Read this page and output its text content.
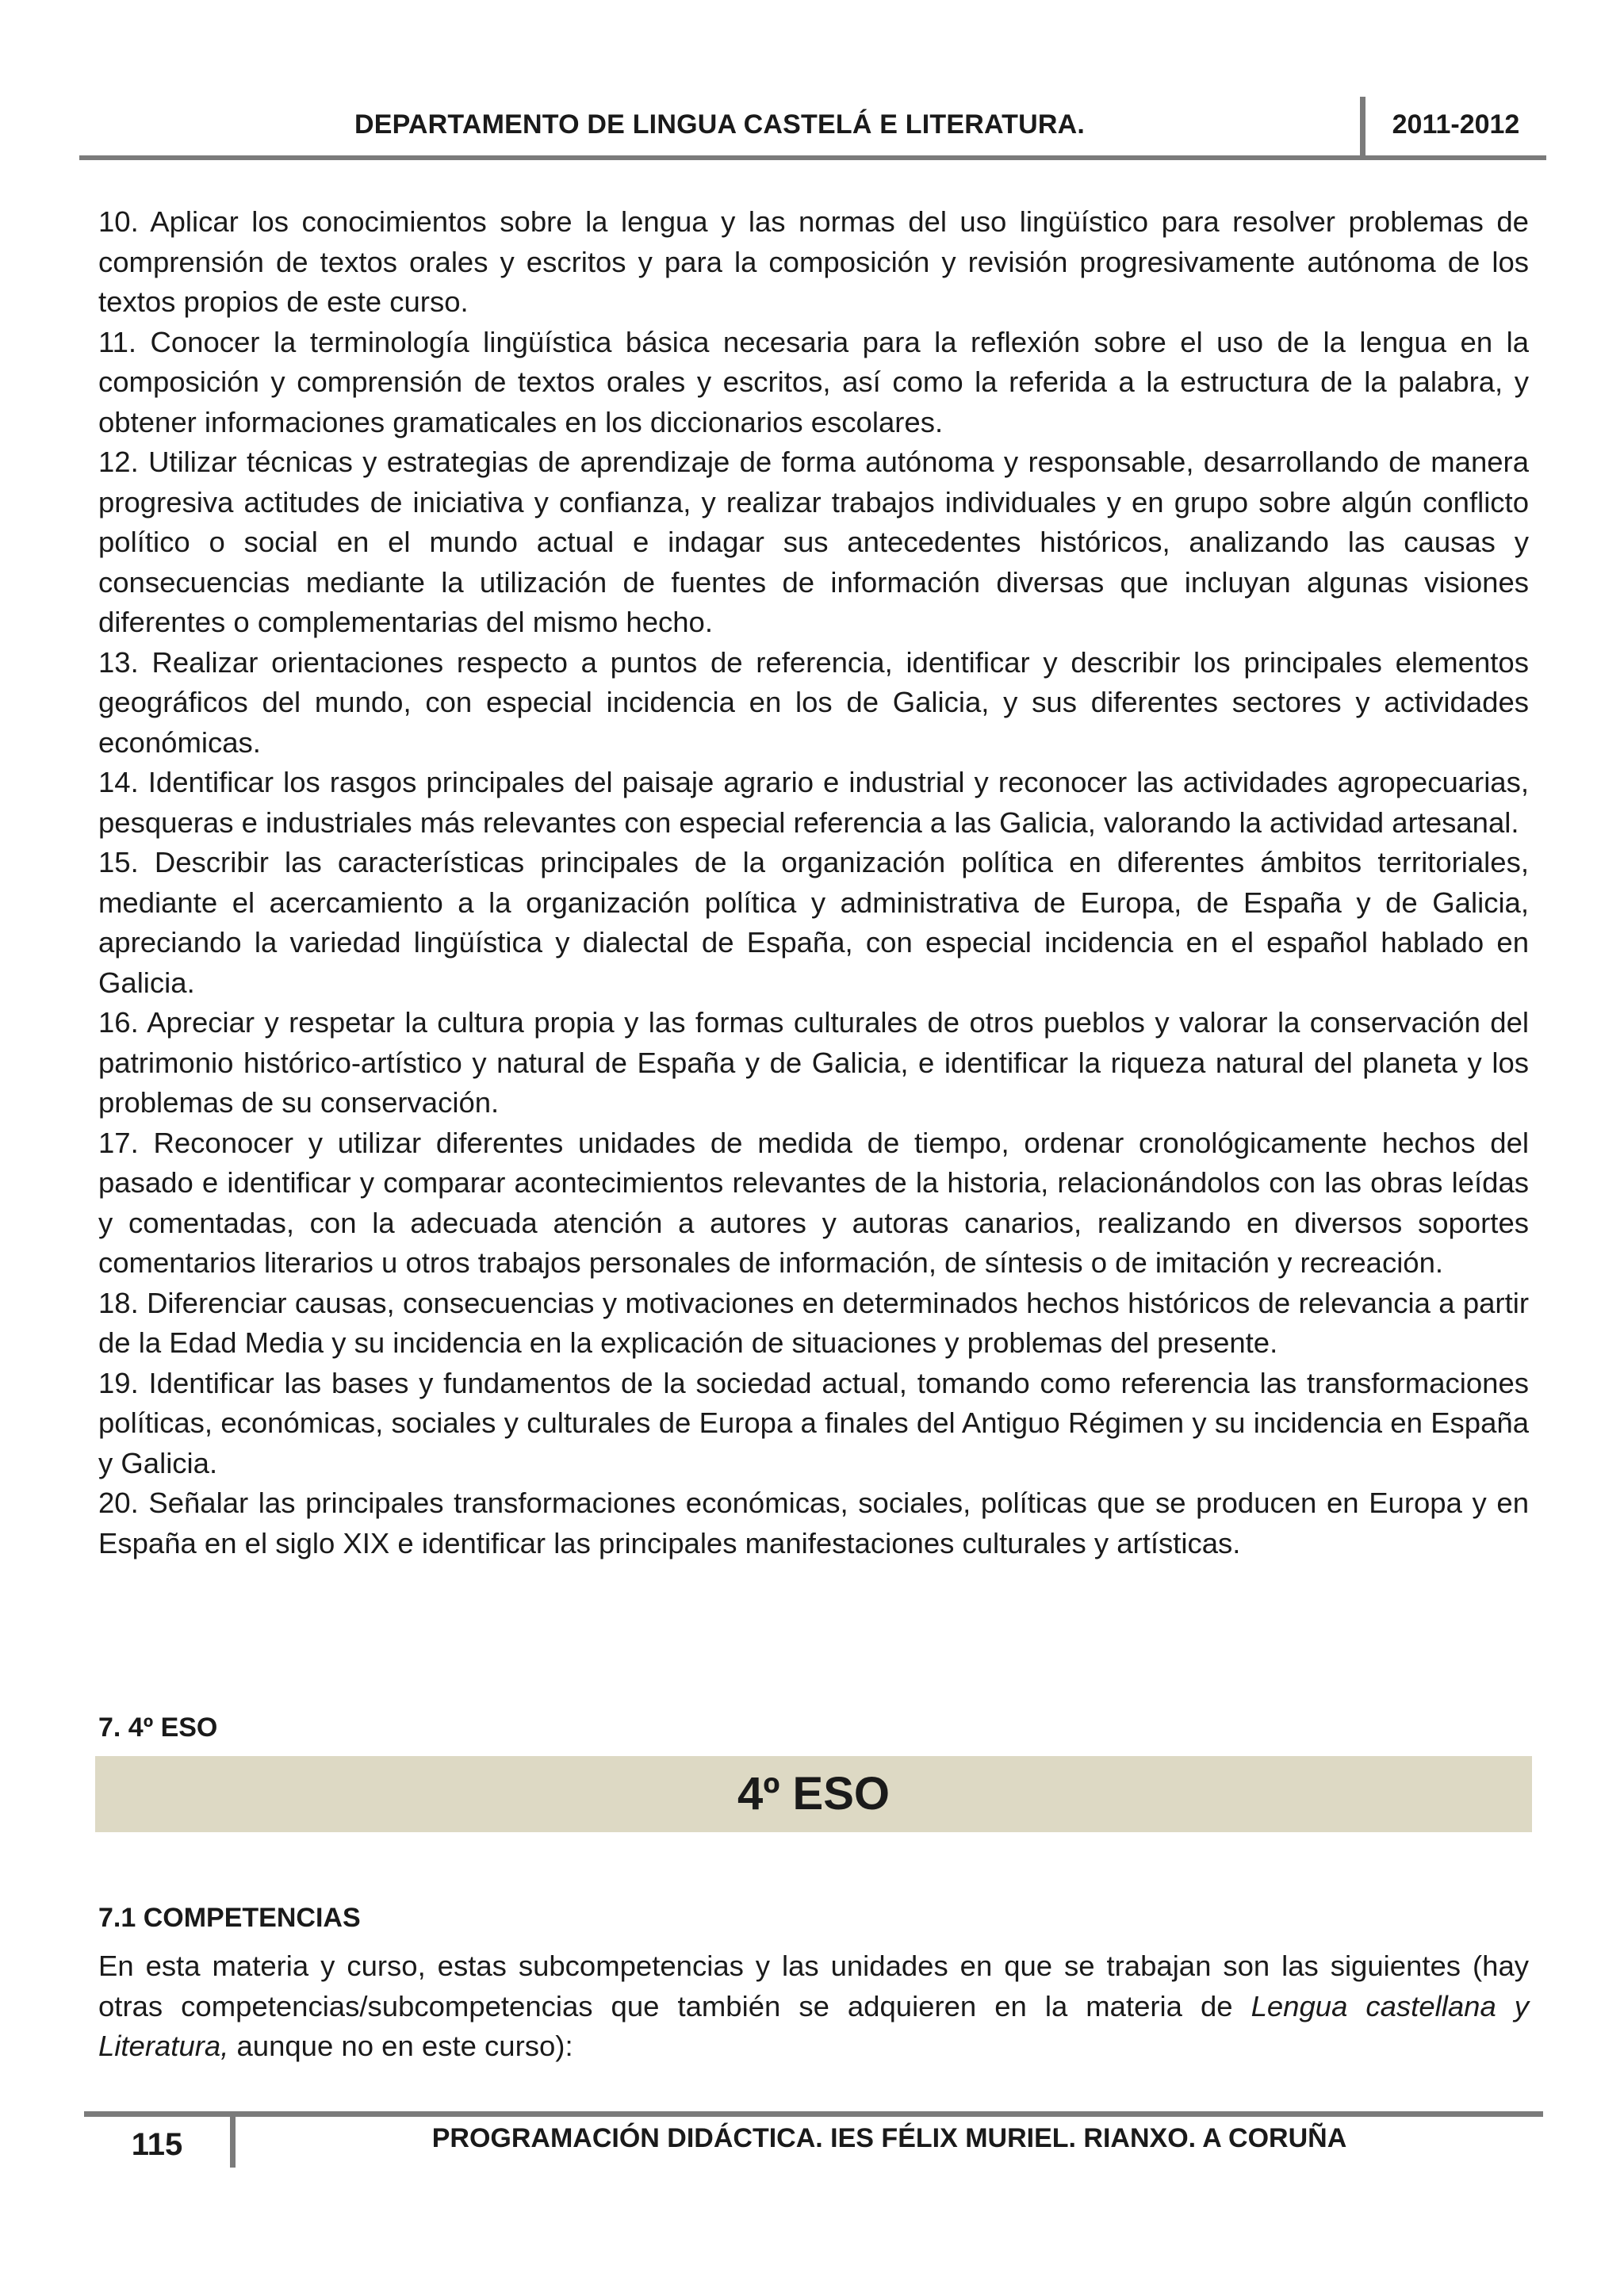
DEPARTAMENTO DE LINGUA CASTELÁ E LITERATURA.	2011-2012

10. Aplicar los conocimientos sobre la lengua y las normas del uso lingüístico para resolver problemas de comprensión de textos orales y escritos y para la composición y revisión progresivamente autónoma de los textos propios de este curso.

11. Conocer la terminología lingüística básica necesaria para la reflexión sobre el uso de la lengua en la composición y comprensión de textos orales y escritos, así como la referida a la estructura de la palabra, y obtener informaciones gramaticales en los diccionarios escolares.

12. Utilizar técnicas y estrategias de aprendizaje de forma autónoma y responsable, desarrollando de manera progresiva actitudes de iniciativa y confianza, y realizar trabajos individuales y en grupo sobre algún conflicto político o social en el mundo actual e indagar sus antecedentes históricos, analizando las causas y consecuencias mediante la utilización de fuentes de información diversas que incluyan algunas visiones diferentes o complementarias del mismo hecho.

13. Realizar orientaciones respecto a puntos de referencia, identificar y describir los principales elementos geográficos del mundo, con especial incidencia en los de Galicia, y sus diferentes sectores y actividades económicas.

14. Identificar los rasgos principales del paisaje agrario e industrial y reconocer las actividades agropecuarias, pesqueras e industriales más relevantes con especial referencia a las Galicia, valorando la actividad artesanal.

15. Describir las características principales de la organización política en diferentes ámbitos territoriales, mediante el acercamiento a la organización política y administrativa de Europa, de España y de Galicia, apreciando la variedad lingüística y dialectal de España, con especial incidencia en el español hablado en Galicia.

16. Apreciar y respetar la cultura propia y las formas culturales de otros pueblos y valorar la conservación del patrimonio histórico-artístico y natural de España y de Galicia, e identificar la riqueza natural del planeta y los problemas de su conservación.

17. Reconocer y utilizar diferentes unidades de medida de tiempo, ordenar cronológicamente hechos del pasado e identificar y comparar acontecimientos relevantes de la historia, relacionándolos con las obras leídas y comentadas, con la adecuada atención a autores y autoras canarios, realizando en diversos soportes comentarios literarios u otros trabajos personales de información, de síntesis o de imitación y recreación.

18. Diferenciar causas, consecuencias y motivaciones en determinados hechos históricos de relevancia a partir de la Edad Media y su incidencia en la explicación de situaciones y problemas del presente.

19. Identificar las bases y fundamentos de la sociedad actual, tomando como referencia las transformaciones políticas, económicas, sociales y culturales de Europa a finales del Antiguo Régimen y su incidencia en España y Galicia.

20. Señalar las principales transformaciones económicas, sociales, políticas que se producen en Europa y en España en el siglo XIX e identificar las principales manifestaciones culturales y artísticas.

7. 4º ESO
4º ESO
7.1 COMPETENCIAS

En esta materia y curso, estas subcompetencias y las unidades en que se trabajan son las siguientes (hay otras competencias/subcompetencias que también se adquieren en la materia de Lengua castellana y Literatura, aunque no en este curso):

115	PROGRAMACIÓN DIDÁCTICA. IES FÉLIX MURIEL. RIANXO. A CORUÑA
